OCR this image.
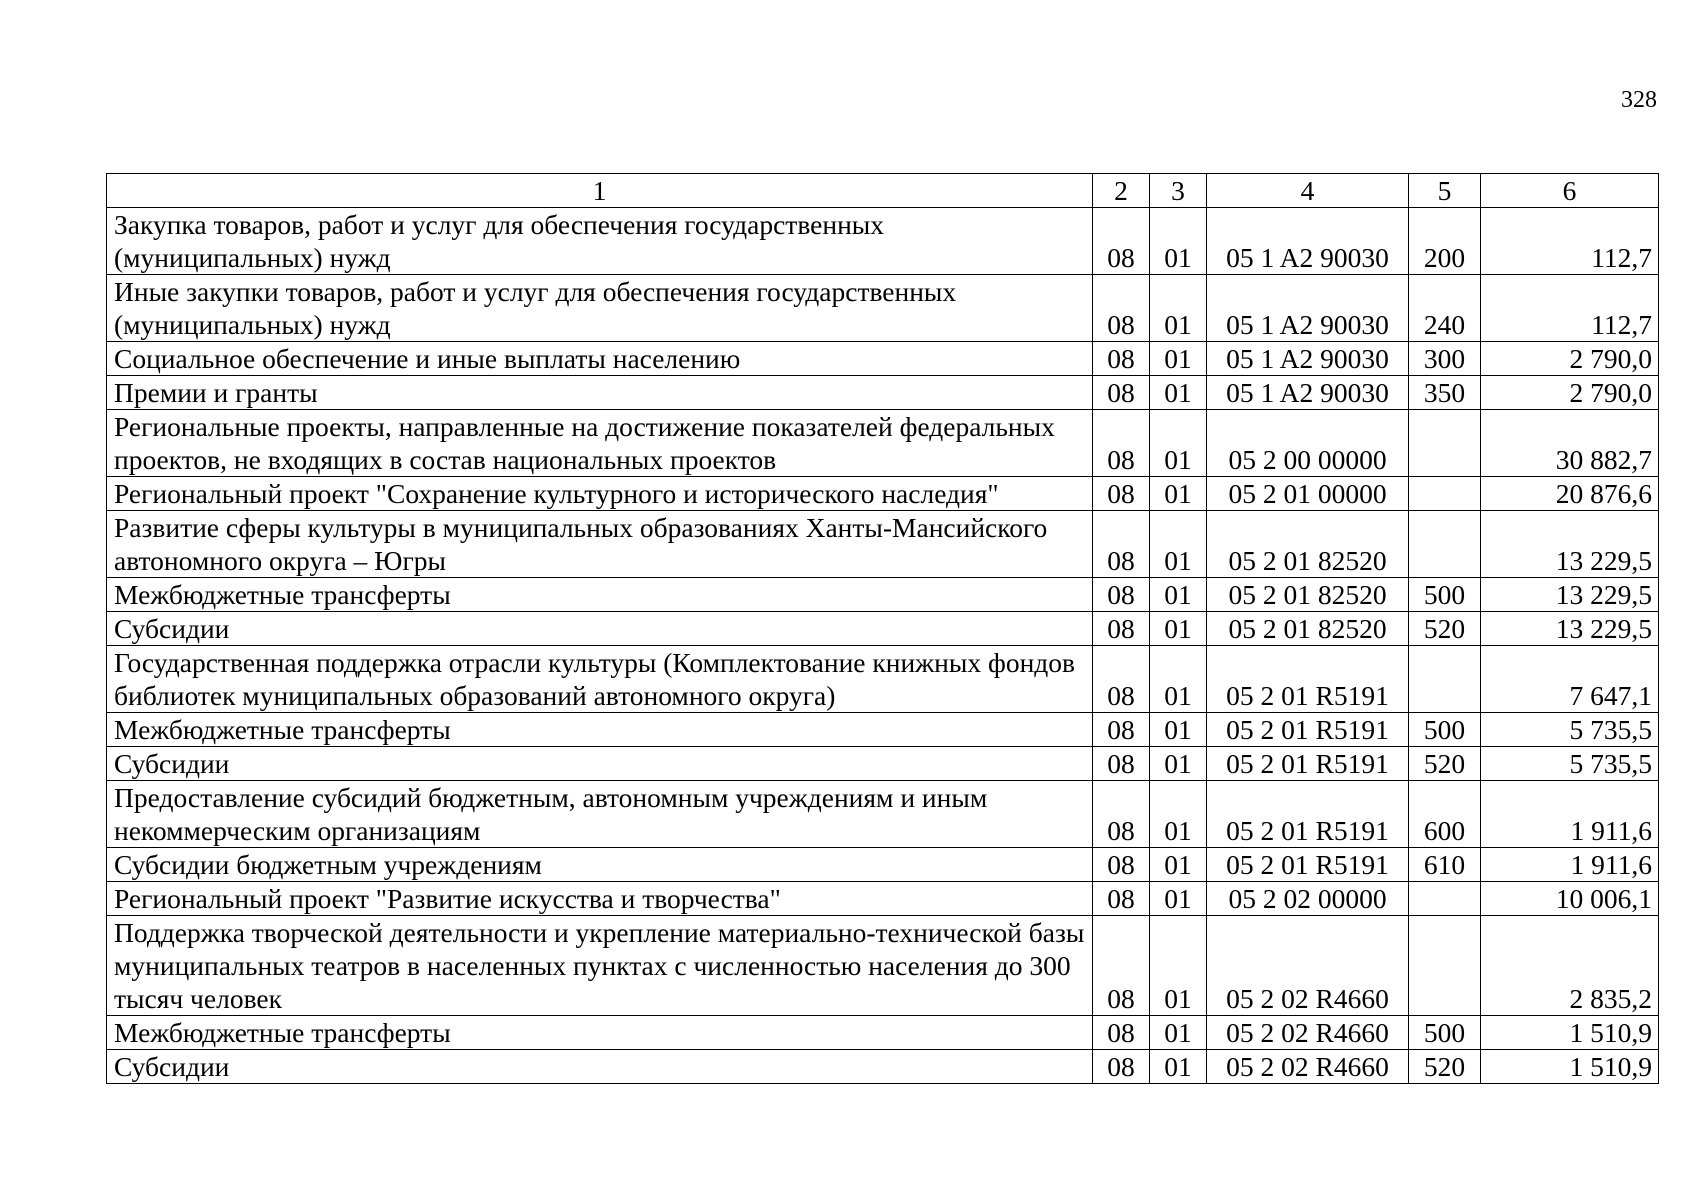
328
1	2	3	4	5	6
Закупка товаров, работ и услуг для обеспечения государственных (муниципальных) нужд	08	01	05 1 A2 90030	200	112,7
Иные закупки товаров, работ и услуг для обеспечения государственных (муниципальных) нужд	08	01	05 1 A2 90030	240	112,7
Социальное обеспечение и иные выплаты населению	08	01	05 1 A2 90030	300	2 790,0
Премии и гранты	08	01	05 1 A2 90030	350	2 790,0
Региональные проекты, направленные на достижение показателей федеральных проектов, не входящих в состав национальных проектов	08	01	05 2 00 00000		30 882,7
Региональный проект "Сохранение культурного и исторического наследия"	08	01	05 2 01 00000		20 876,6
Развитие сферы культуры в муниципальных образованиях Ханты-Мансийского автономного округа – Югры	08	01	05 2 01 82520		13 229,5
Межбюджетные трансферты	08	01	05 2 01 82520	500	13 229,5
Субсидии	08	01	05 2 01 82520	520	13 229,5
Государственная поддержка отрасли культуры (Комплектование книжных фондов библиотек муниципальных образований автономного округа)	08	01	05 2 01 R5191		7 647,1
Межбюджетные трансферты	08	01	05 2 01 R5191	500	5 735,5
Субсидии	08	01	05 2 01 R5191	520	5 735,5
Предоставление субсидий бюджетным, автономным учреждениям и иным некоммерческим организациям	08	01	05 2 01 R5191	600	1 911,6
Субсидии бюджетным учреждениям	08	01	05 2 01 R5191	610	1 911,6
Региональный проект "Развитие искусства и творчества"	08	01	05 2 02 00000		10 006,1
Поддержка творческой деятельности и укрепление материально-технической базы муниципальных театров в населенных пунктах с численностью населения до 300 тысяч человек	08	01	05 2 02 R4660		2 835,2
Межбюджетные трансферты	08	01	05 2 02 R4660	500	1 510,9
Субсидии	08	01	05 2 02 R4660	520	1 510,9
